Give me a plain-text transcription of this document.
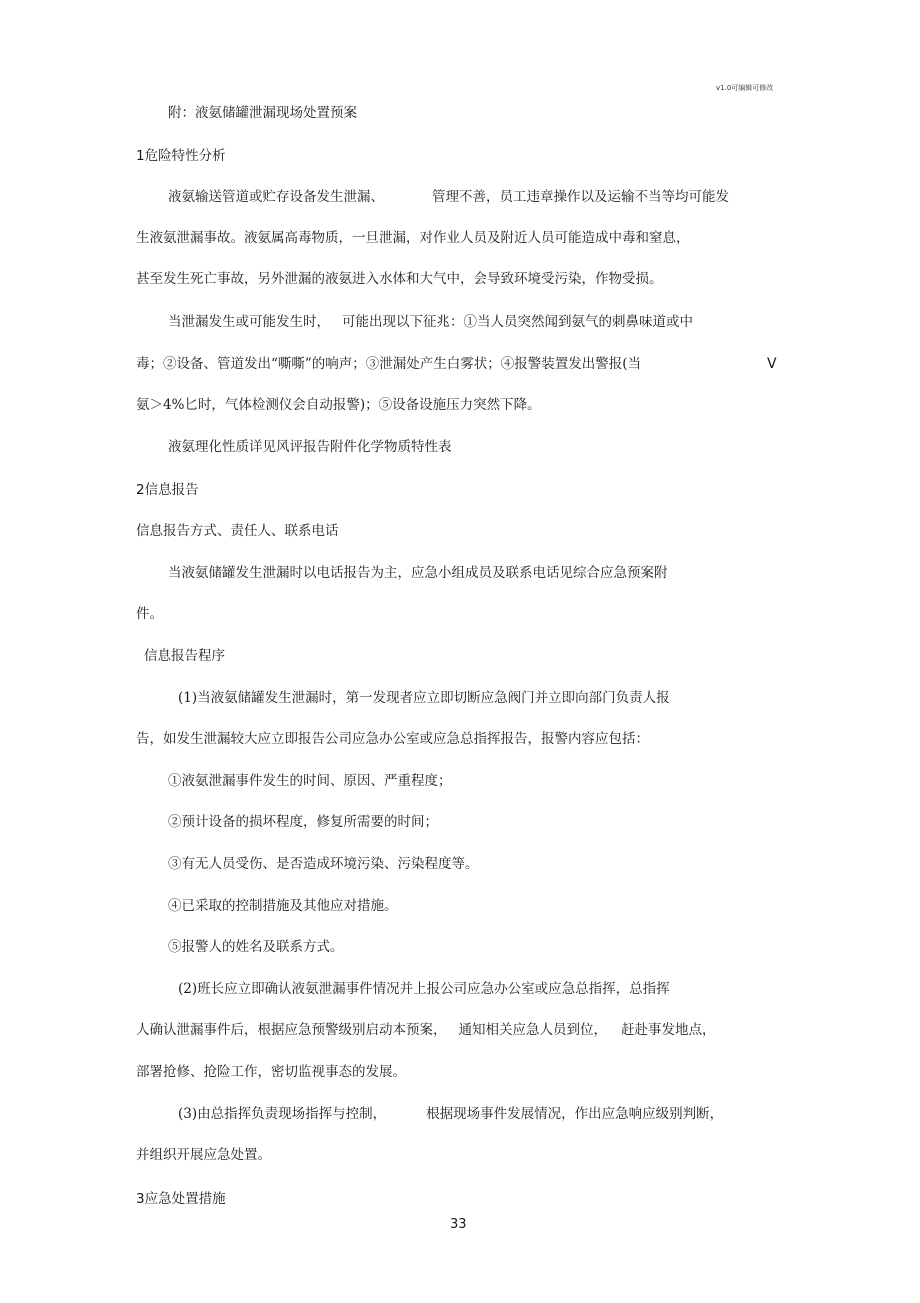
v1.0可编辑可修改

附：液氨储罐泄漏现场处置预案

1危险特性分析

液氨输送管道或贮存设备发生泄漏、	管理不善，员工违章操作以及运输不当等均可能发

生液氨泄漏事故。液氨属高毒物质，一旦泄漏，对作业人员及附近人员可能造成中毒和窒息，

甚至发生死亡事故，另外泄漏的液氨进入水体和大气中，会导致环境受污染，作物受损。

当泄漏发生或可能发生时， 可能出现以下征兆：①当人员突然闻到氨气的刺鼻味道或中

毒；②设备、管道发出“嘶嘶”的响声；③泄漏处产生白雾状；④报警装置发出警报(当	V

氨＞4%匕时，气体检测仪会自动报警)；⑤设备设施压力突然下降。

液氨理化性质详见风评报告附件化学物质特性表

2信息报告

信息报告方式、责任人、联系电话

当液氨储罐发生泄漏时以电话报告为主，应急小组成员及联系电话见综合应急预案附

件。

信息报告程序

(1)当液氨储罐发生泄漏时，第一发现者应立即切断应急阀门并立即向部门负责人报

告，如发生泄漏较大应立即报告公司应急办公室或应急总指挥报告，报警内容应包括：

①液氨泄漏事件发生的时间、原因、严重程度；

②预计设备的损坏程度，修复所需要的时间；

③有无人员受伤、是否造成环境污染、污染程度等。

④已采取的控制措施及其他应对措施。

⑤报警人的姓名及联系方式。

(2)班长应立即确认液氨泄漏事件情况并上报公司应急办公室或应急总指挥，总指挥

人确认泄漏事件后，根据应急预警级别启动本预案， 通知相关应急人员到位， 赶赴事发地点，

部署抢修、抢险工作，密切监视事态的发展。

(3)由总指挥负责现场指挥与控制，	根据现场事件发展情况，作出应急响应级别判断，

并组织开展应急处置。

3应急处置措施

33
